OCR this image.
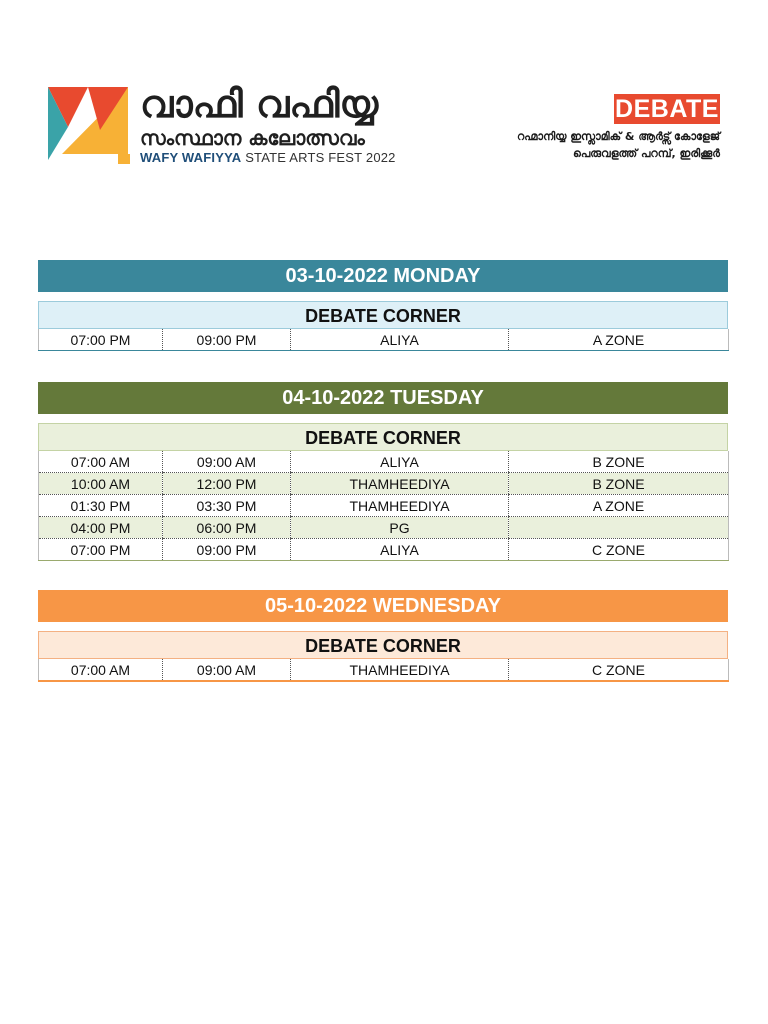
വാഫി വഫിയ്യ
സംസ്ഥാന കലോത്സവം
WAFY WAFIYYA STATE ARTS FEST 2022
DEBATE
റഹ്മാനിയ്യ ഇസ്ലാമിക് & ആർട്സ് കോളേജ്
പെരുവളത്ത് പറമ്പ്, ഇരിക്കൂർ
03-10-2022 MONDAY
DEBATE CORNER
07:00 PM	09:00 PM	ALIYA	A ZONE
04-10-2022 TUESDAY
DEBATE CORNER
07:00 AM	09:00 AM	ALIYA	B ZONE
10:00 AM	12:00 PM	THAMHEEDIYA	B ZONE
01:30 PM	03:30 PM	THAMHEEDIYA	A ZONE
04:00 PM	06:00 PM	PG	
07:00 PM	09:00 PM	ALIYA	C ZONE
05-10-2022 WEDNESDAY
DEBATE CORNER
07:00 AM	09:00 AM	THAMHEEDIYA	C ZONE
